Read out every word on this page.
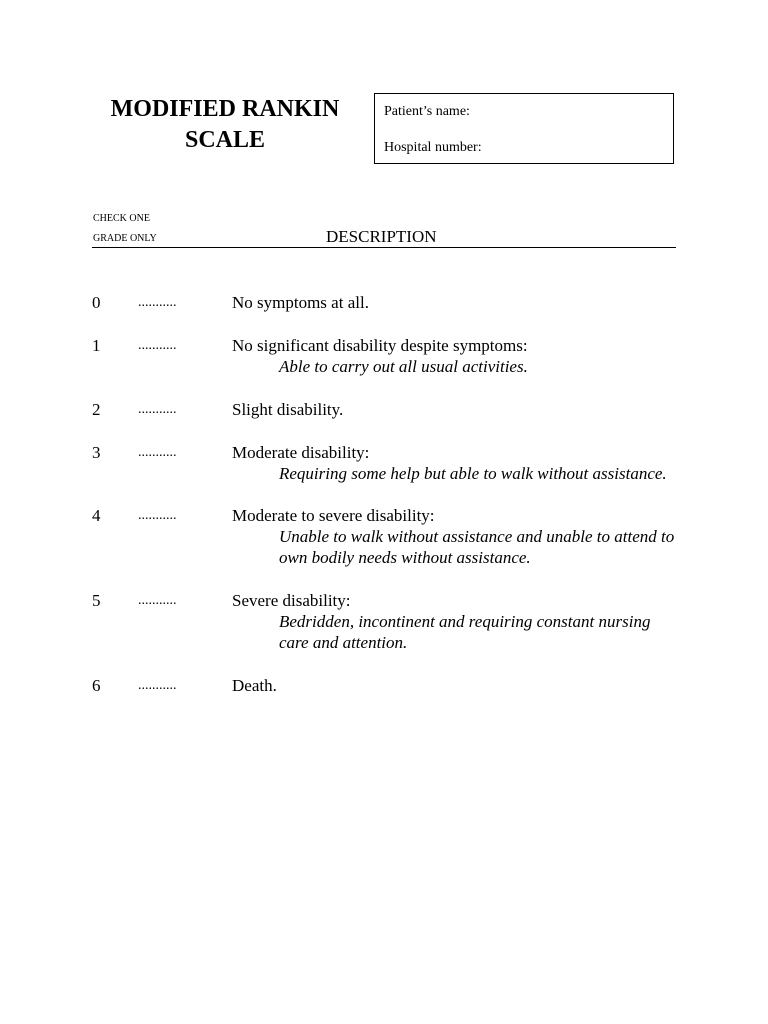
MODIFIED RANKIN
SCALE
Patient’s name:
Hospital number:
CHECK ONE
GRADE ONLY	DESCRIPTION
0	...........	No symptoms at all.
1	...........	No significant disability despite symptoms:
Able to carry out all usual activities.
2	...........	Slight disability.
3	...........	Moderate disability:
Requiring some help but able to walk without assistance.
4	...........	Moderate to severe disability:
Unable to walk without assistance and unable to attend to own bodily needs without assistance.
5	...........	Severe disability:
Bedridden, incontinent and requiring constant nursing care and attention.
6	...........	Death.
